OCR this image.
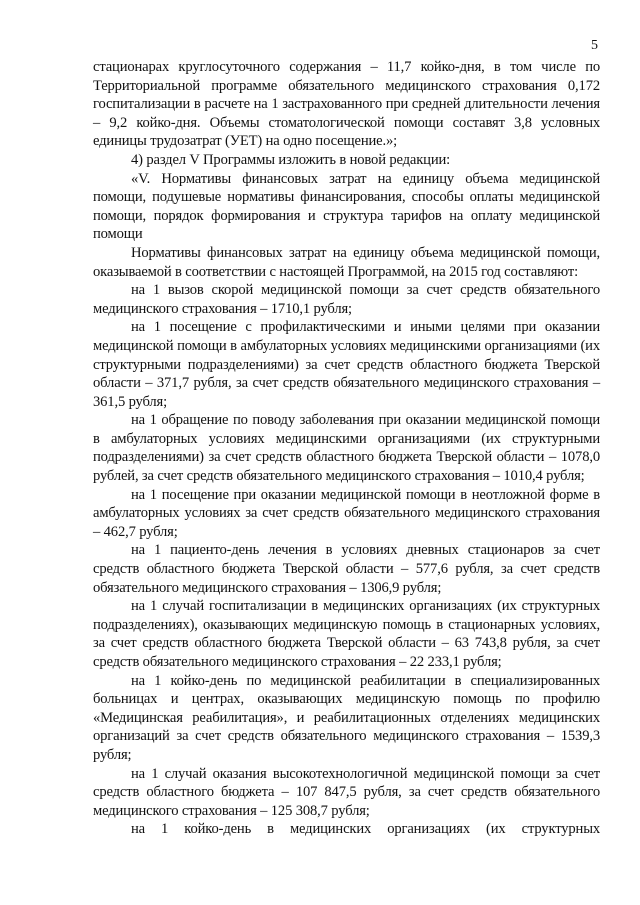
5

стационарах круглосуточного содержания – 11,7 койко-дня, в том числе по Территориальной программе обязательного медицинского страхования 0,172 госпитализации в расчете на 1 застрахованного при средней длительности лечения – 9,2 койко-дня. Объемы стоматологической помощи составят 3,8 условных единицы трудозатрат (УЕТ) на одно посещение.»;

4) раздел V Программы изложить в новой редакции:

«V. Нормативы финансовых затрат на единицу объема медицинской помощи, подушевые нормативы финансирования, способы оплаты медицинской помощи, порядок формирования и структура тарифов на оплату медицинской помощи

Нормативы финансовых затрат на единицу объема медицинской помощи, оказываемой в соответствии с настоящей Программой, на 2015 год составляют:

на 1 вызов скорой медицинской помощи за счет средств обязательного медицинского страхования – 1710,1 рубля;

на 1 посещение с профилактическими и иными целями при оказании медицинской помощи в амбулаторных условиях медицинскими организациями (их структурными подразделениями) за счет средств областного бюджета Тверской области – 371,7 рубля, за счет средств обязательного медицинского страхования – 361,5 рубля;

на 1 обращение по поводу заболевания при оказании медицинской помощи в амбулаторных условиях медицинскими организациями (их структурными подразделениями) за счет средств областного бюджета Тверской области – 1078,0 рублей, за счет средств обязательного медицинского страхования – 1010,4 рубля;

на 1 посещение при оказании медицинской помощи в неотложной форме в амбулаторных условиях за счет средств обязательного медицинского страхования – 462,7 рубля;

на 1 пациенто-день лечения в условиях дневных стационаров за счет средств областного бюджета Тверской области – 577,6 рубля, за счет средств обязательного медицинского страхования – 1306,9 рубля;

на 1 случай госпитализации в медицинских организациях (их структурных подразделениях), оказывающих медицинскую помощь в стационарных условиях, за счет средств областного бюджета Тверской области – 63 743,8 рубля, за счет средств обязательного медицинского страхования – 22 233,1 рубля;

на 1 койко-день по медицинской реабилитации в специализированных больницах и центрах, оказывающих медицинскую помощь по профилю «Медицинская реабилитация», и реабилитационных отделениях медицинских организаций за счет средств обязательного медицинского страхования – 1539,3 рубля;

на 1 случай оказания высокотехнологичной медицинской помощи за счет средств областного бюджета – 107 847,5 рубля, за счет средств обязательного медицинского страхования – 125 308,7 рубля;

на 1 койко-день в медицинских организациях (их структурных
